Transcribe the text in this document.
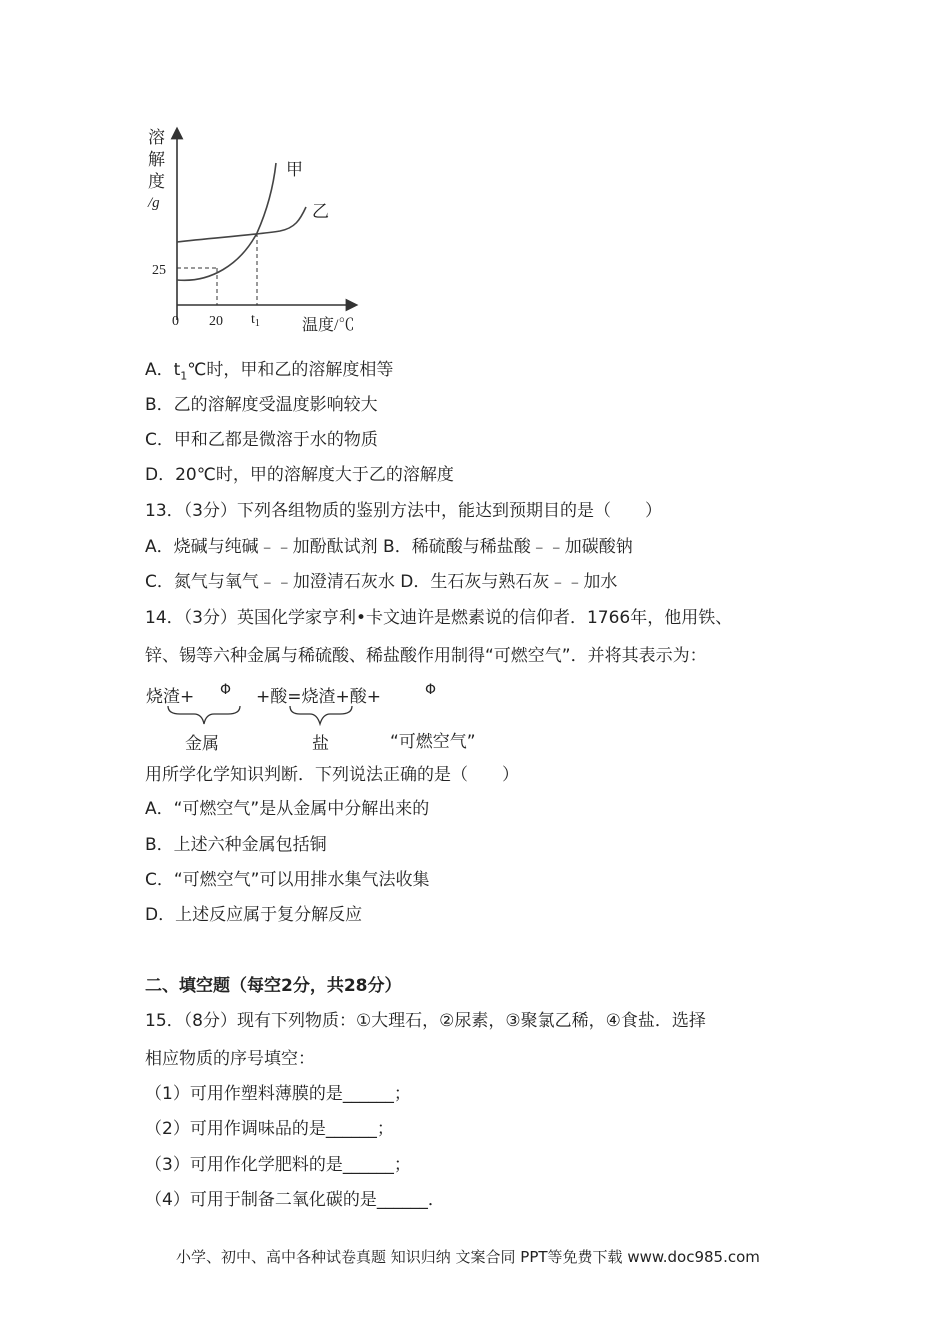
溶
解
度
/g
25
0 20 $t_1$	温度/℃
甲
乙
A．$t_1℃$时，甲和乙的溶解度相等
B．乙的溶解度受温度影响较大
C．甲和乙都是微溶于水的物质
D．20℃时，甲的溶解度大于乙的溶解度
13．（3分）下列各组物质的鉴别方法中，能达到预期目的是（　　）
A．烧碱与纯碱﹣﹣加酚酞试剂 B．稀硫酸与稀盐酸﹣﹣加碳酸钠
C．氮气与氧气﹣﹣加澄清石灰水 D．生石灰与熟石灰﹣﹣加水
14．（3分）英国化学家亨利•卡文迪许是燃素说的信仰者．1766年，他用铁、
锌、锡等六种金属与稀硫酸、稀盐酸作用制得“可燃空气”．并将其表示为：
烧渣+ Φ +酸=烧渣+酸+	Φ
金属	盐	“可燃空气”
用所学化学知识判断．下列说法正确的是（　　）
A．“可燃空气”是从金属中分解出来的
B．上述六种金属包括铜
C．“可燃空气”可以用排水集气法收集
D．上述反应属于复分解反应
二、填空题（每空2分，共28分）
15．（8分）现有下列物质：①大理石，②尿素，③聚氯乙稀，④食盐．选择
相应物质的序号填空：
（1）可用作塑料薄膜的是______；
（2）可用作调味品的是______；
（3）可用作化学肥料的是______；
（4）可用于制备二氧化碳的是______．
小学、初中、高中各种试卷真题 知识归纳 文案合同 PPT等免费下载 www.doc985.com
